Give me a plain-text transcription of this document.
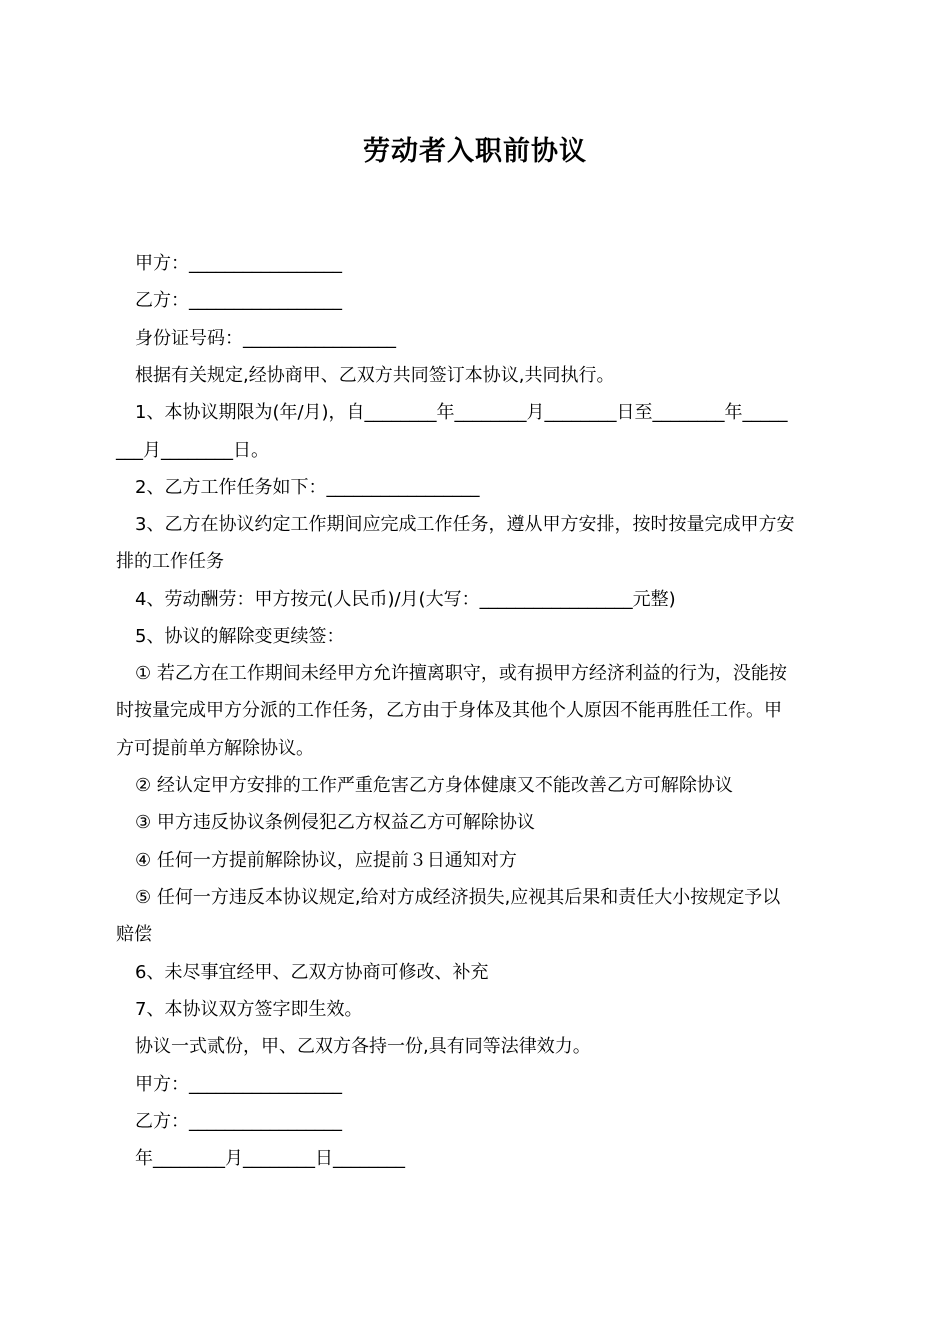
劳动者入职前协议
甲方：_________________
乙方：_________________
身份证号码：_________________
根据有关规定,经协商甲、乙双方共同签订本协议,共同执行。
1、本协议期限为(年/月)，自________年________月________日至________年_____
___月________日。
2、乙方工作任务如下：_________________
3、乙方在协议约定工作期间应完成工作任务，遵从甲方安排，按时按量完成甲方安
排的工作任务
4、劳动酬劳：甲方按元(人民币)/月(大写：_________________元整)
5、协议的解除变更续签：
① 若乙方在工作期间未经甲方允许擅离职守，或有损甲方经济利益的行为，没能按
时按量完成甲方分派的工作任务，乙方由于身体及其他个人原因不能再胜任工作。甲
方可提前单方解除协议。
② 经认定甲方安排的工作严重危害乙方身体健康又不能改善乙方可解除协议
③ 甲方违反协议条例侵犯乙方权益乙方可解除协议
④ 任何一方提前解除协议，应提前３日通知对方
⑤ 任何一方违反本协议规定,给对方成经济损失,应视其后果和责任大小按规定予以
赔偿
6、未尽事宜经甲、乙双方协商可修改、补充
7、本协议双方签字即生效。
协议一式贰份，甲、乙双方各持一份,具有同等法律效力。
甲方：_________________
乙方：_________________
年________月________日________
